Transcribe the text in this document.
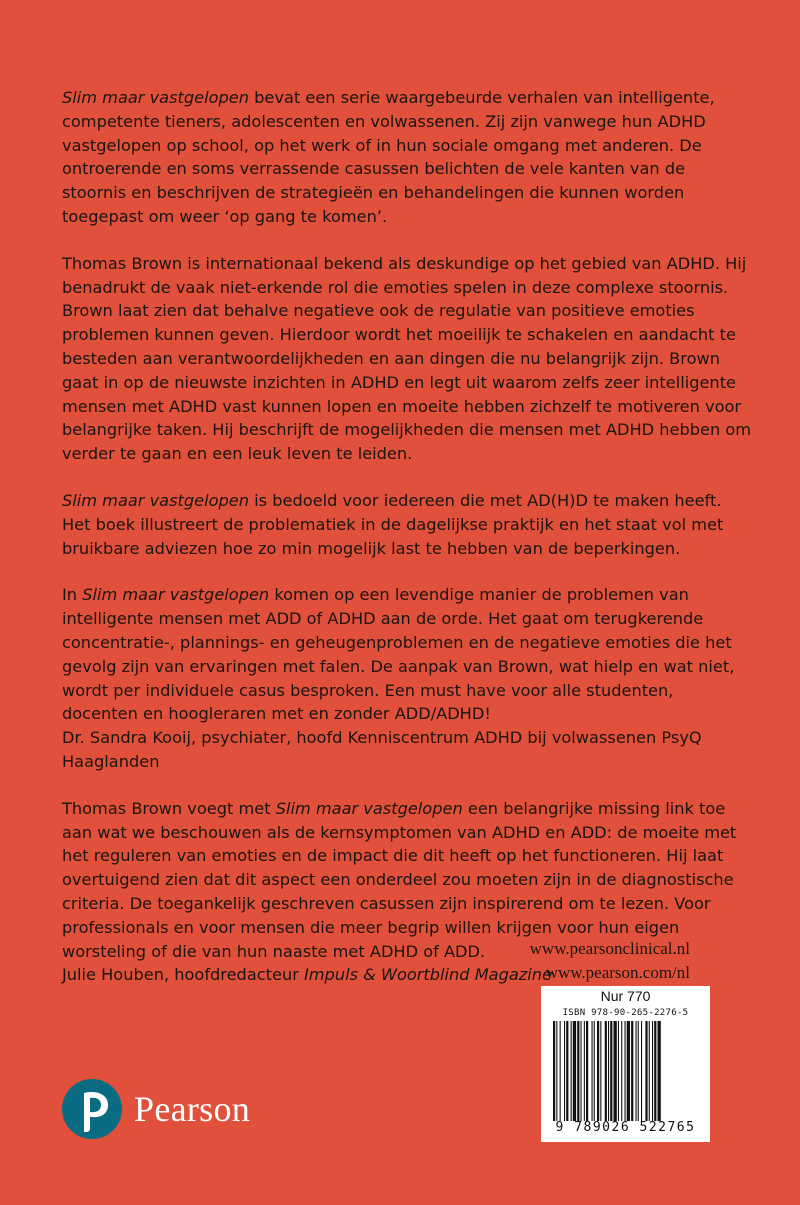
Slim maar vastgelopen bevat een serie waargebeurde verhalen van intelligente, competente tieners, adolescenten en volwassenen. Zij zijn vanwege hun ADHD vastgelopen op school, op het werk of in hun sociale omgang met anderen. De ontroerende en soms verrassende casussen belichten de vele kanten van de stoornis en beschrijven de strategieën en behandelingen die kunnen worden toegepast om weer ‘op gang te komen’.

Thomas Brown is internationaal bekend als deskundige op het gebied van ADHD. Hij benadrukt de vaak niet-erkende rol die emoties spelen in deze complexe stoornis. Brown laat zien dat behalve negatieve ook de regulatie van positieve emoties problemen kunnen geven. Hierdoor wordt het moeilijk te schakelen en aandacht te besteden aan verantwoordelijkheden en aan dingen die nu belangrijk zijn. Brown gaat in op de nieuwste inzichten in ADHD en legt uit waarom zelfs zeer intelligente mensen met ADHD vast kunnen lopen en moeite hebben zichzelf te motiveren voor belangrijke taken. Hij beschrijft de mogelijkheden die mensen met ADHD hebben om verder te gaan en een leuk leven te leiden.

Slim maar vastgelopen is bedoeld voor iedereen die met AD(H)D te maken heeft. Het boek illustreert de problematiek in de dagelijkse praktijk en het staat vol met bruikbare adviezen hoe zo min mogelijk last te hebben van de beperkingen.

In Slim maar vastgelopen komen op een levendige manier de problemen van intelligente mensen met ADD of ADHD aan de orde. Het gaat om terugkerende concentratie-, plannings- en geheugenproblemen en de negatieve emoties die het gevolg zijn van ervaringen met falen. De aanpak van Brown, wat hielp en wat niet, wordt per individuele casus besproken. Een must have voor alle studenten, docenten en hoogleraren met en zonder ADD/ADHD!

Dr. Sandra Kooij, psychiater, hoofd Kenniscentrum ADHD bij volwassenen PsyQ Haaglanden

Thomas Brown voegt met Slim maar vastgelopen een belangrijke missing link toe aan wat we beschouwen als de kernsymptomen van ADHD en ADD: de moeite met het reguleren van emoties en de impact die dit heeft op het functioneren. Hij laat overtuigend zien dat dit aspect een onderdeel zou moeten zijn in de diagnostische criteria. De toegankelijk geschreven casussen zijn inspirerend om te lezen. Voor professionals en voor mensen die meer begrip willen krijgen voor hun eigen worsteling of die van hun naaste met ADHD of ADD.

Julie Houben, hoofdredacteur Impuls & Woortblind Magazine

www.pearsonclinical.nl
www.pearson.com/nl
Nur 770
ISBN 978-90-265-2276-5
9 789026 522765
Pearson
